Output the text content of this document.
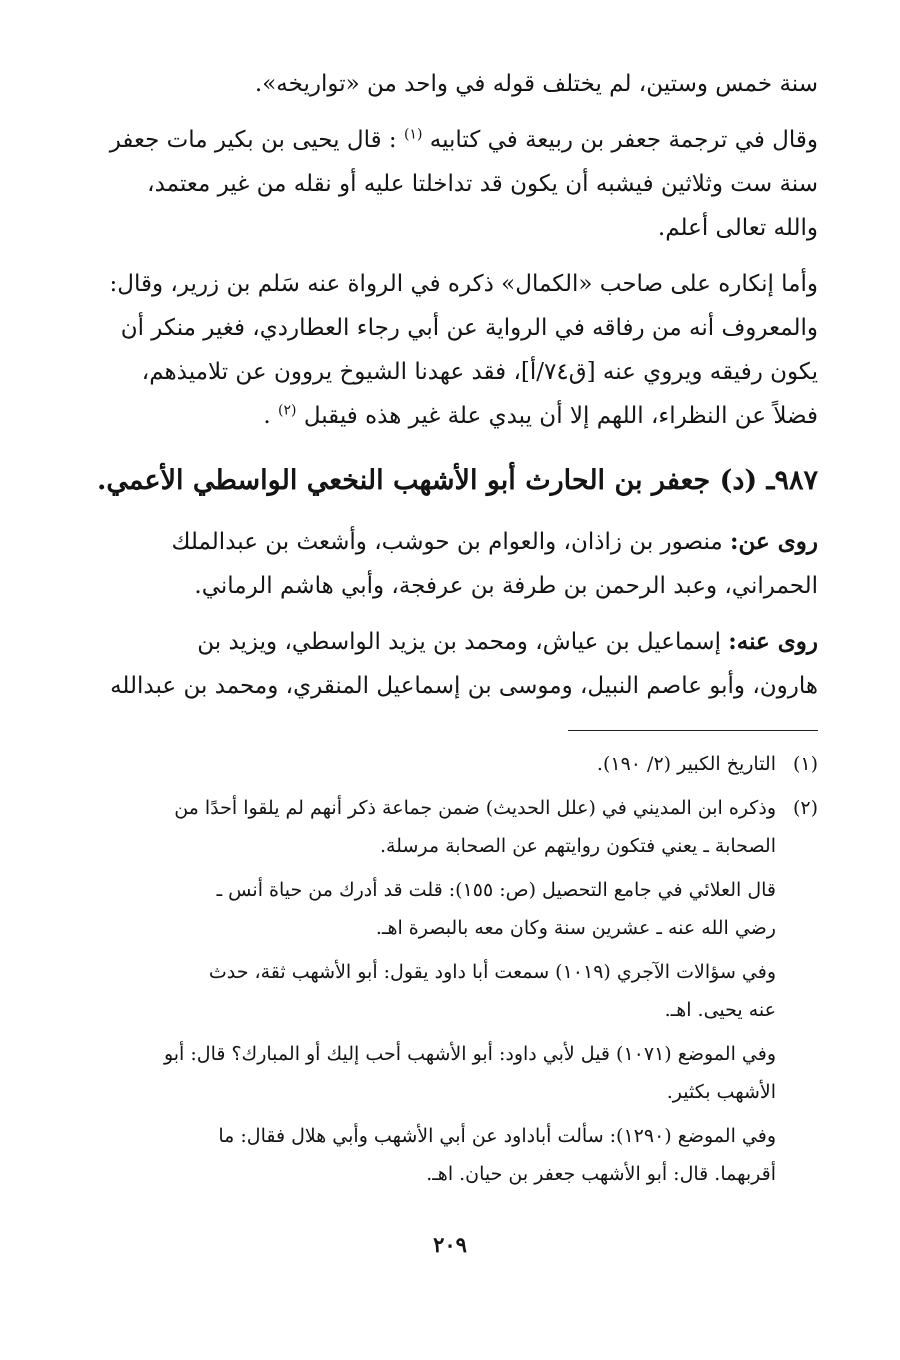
سنة خمس وستين، لم يختلف قوله في واحد من «تواريخه».

وقال في ترجمة جعفر بن ربيعة في كتابيه $^{(١)}$ : قال يحيى بن بكير مات جعفر
سنة ست وثلاثين فيشبه أن يكون قد تداخلتا عليه أو نقله من غير معتمد،
والله تعالى أعلم.

وأما إنكاره على صاحب «الكمال» ذكره في الرواة عنه سَلم بن زرير، وقال:
والمعروف أنه من رفاقه في الرواية عن أبي رجاء العطاردي، فغير منكر أن
يكون رفيقه ويروي عنه [ق٧٤/أ]، فقد عهدنا الشيوخ يروون عن تلاميذهم،
فضلاً عن النظراء، اللهم إلا أن يبدي علة غير هذه فيقبل $^{(٢)}$ .

٩٨٧ـ (د) جعفر بن الحارث أبو الأشهب النخعي الواسطي الأعمي.

روى عن: منصور بن زاذان، والعوام بن حوشب، وأشعث بن عبدالملك
الحمراني، وعبد الرحمن بن طرفة بن عرفجة، وأبي هاشم الرماني.

روى عنه: إسماعيل بن عياش، ومحمد بن يزيد الواسطي، ويزيد بن
هارون، وأبو عاصم النبيل، وموسى بن إسماعيل المنقري، ومحمد بن عبدالله

(١)

التاريخ الكبير (٢/ ١٩٠).

(٢)

وذكره ابن المديني في (علل الحديث) ضمن جماعة ذكر أنهم لم يلقوا أحدًا من
الصحابة ـ يعني فتكون روايتهم عن الصحابة مرسلة.

قال العلائي في جامع التحصيل (ص: ١٥٥): قلت قد أدرك من حياة أنس ـ
رضي الله عنه ـ عشرين سنة وكان معه بالبصرة اهـ.

وفي سؤالات الآجري (١٠١٩) سمعت أبا داود يقول: أبو الأشهب ثقة، حدث
عنه يحيى. اهـ.

وفي الموضع (١٠٧١) قيل لأبي داود: أبو الأشهب أحب إليك أو المبارك؟ قال: أبو
الأشهب بكثير.

وفي الموضع (١٢٩٠): سألت أباداود عن أبي الأشهب وأبي هلال فقال: ما
أقربهما. قال: أبو الأشهب جعفر بن حيان. اهـ.

٢٠٩
